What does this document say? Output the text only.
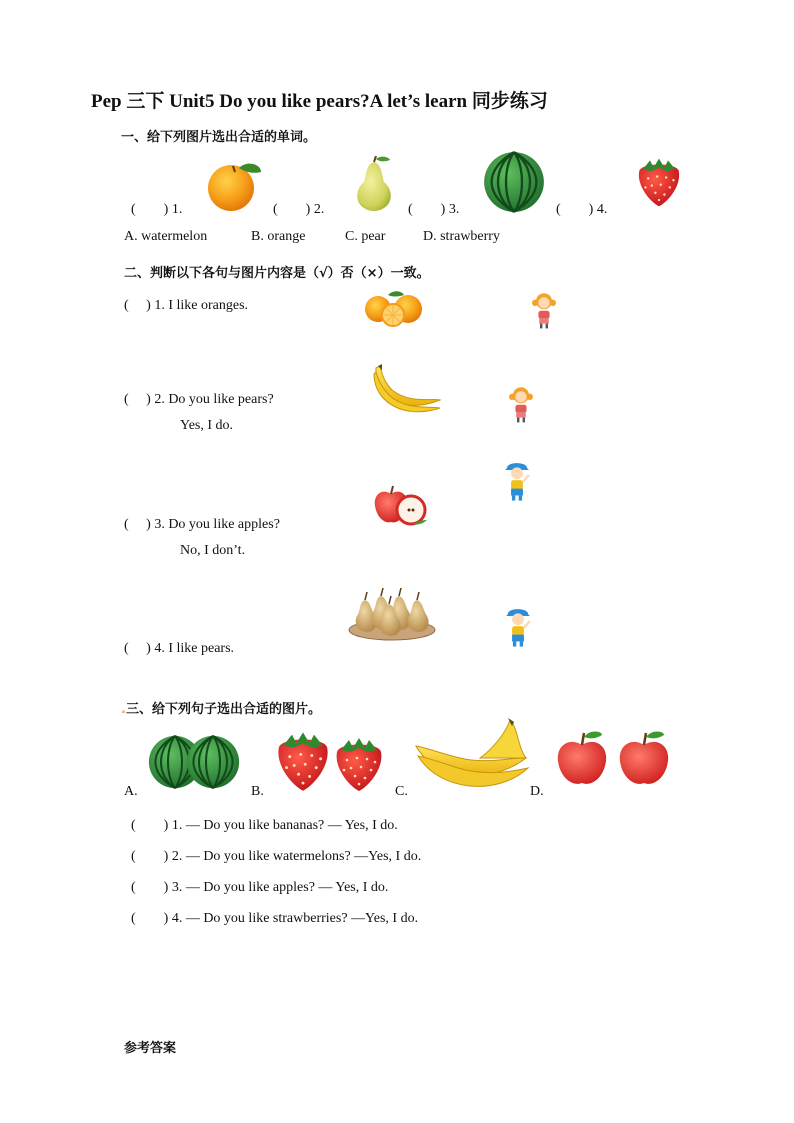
Pep 三下 Unit5 Do you like pears?A let’s learn 同步练习
一、给下列图片选出合适的单词。
(　　) 1.	(　　) 2.	(　　) 3.	(　　) 4.
A. watermelon	B. orange	C. pear	D. strawberry
二、判断以下各句与图片内容是（√）否（×）一致。
(　 ) 1. I like oranges.
(　 ) 2. Do you like pears?
Yes, I do.
(　 ) 3. Do you like apples?
No, I don’t.
(　 ) 4. I like pears.
.三、给下列句子选出合适的图片。
A.	B.	C.	D.
(　　) 1. — Do you like bananas? — Yes, I do.
(　　) 2. — Do you like watermelons? —Yes, I do.
(　　) 3. — Do you like apples? — Yes, I do.
(　　) 4. — Do you like strawberries? —Yes, I do.
参考答案
